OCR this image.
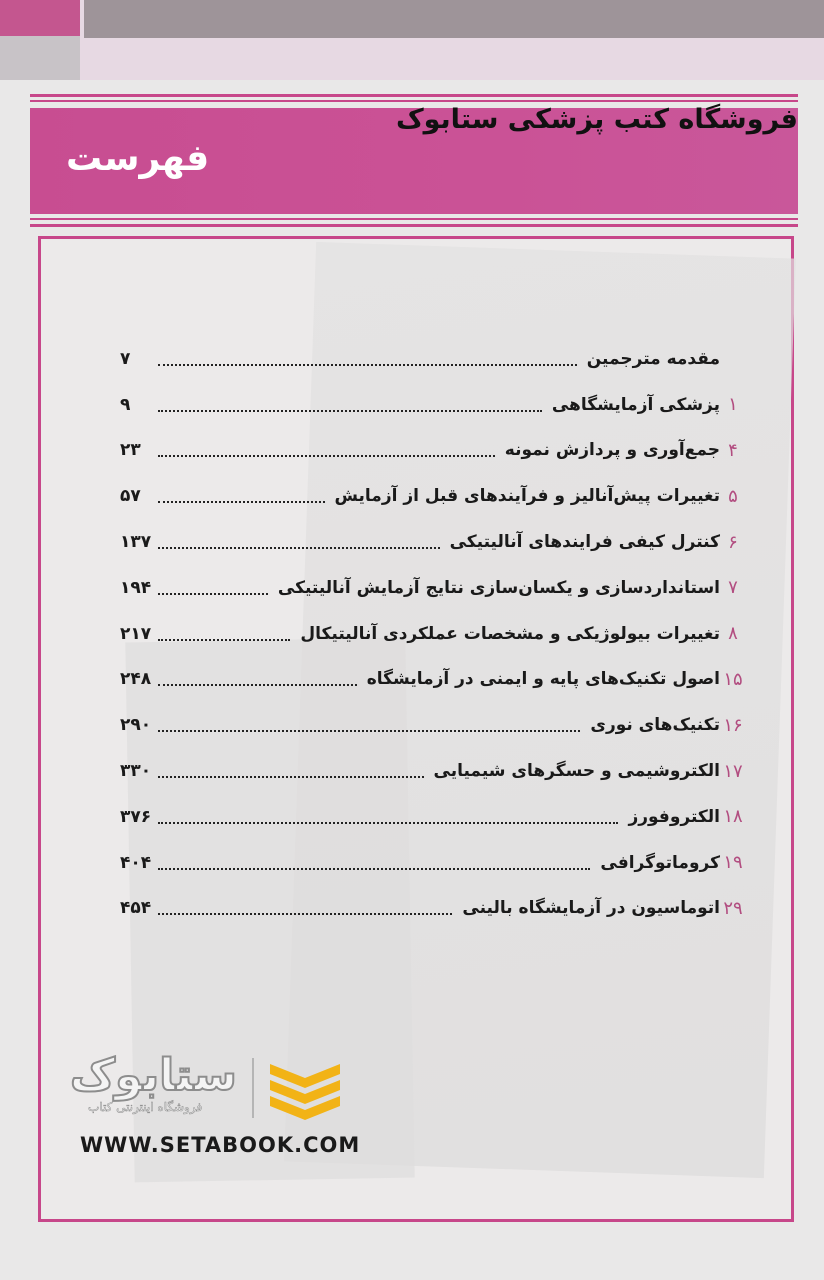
فروشگاه کتب پزشکی ستابوک
فهرست
مقدمه مترجمین
۷
۱
پزشکی آزمایشگاهی
۹
۴
جمع‌آوری و پردازش نمونه
۲۳
۵
تغییرات پیش‌آنالیز و فرآیندهای قبل از آزمایش
۵۷
۶
کنترل کیفی فرایندهای آنالیتیکی
۱۳۷
۷
استانداردسازی و یکسان‌سازی نتایج آزمایش آنالیتیکی
۱۹۴
۸
تغییرات بیولوژیکی و مشخصات عملکردی آنالیتیکال
۲۱۷
۱۵
اصول تکنیک‌های پایه و ایمنی در آزمایشگاه
۲۴۸
۱۶
تکنیک‌های نوری
۲۹۰
۱۷
الکتروشیمی و حسگرهای شیمیایی
۳۳۰
۱۸
الکتروفورز
۳۷۶
۱۹
کروماتوگرافی
۴۰۴
۲۹
اتوماسیون در آزمایشگاه بالینی
۴۵۴
ستابوک
فروشگاه اینترنتی کتاب
WWW.SETABOOK.COM
